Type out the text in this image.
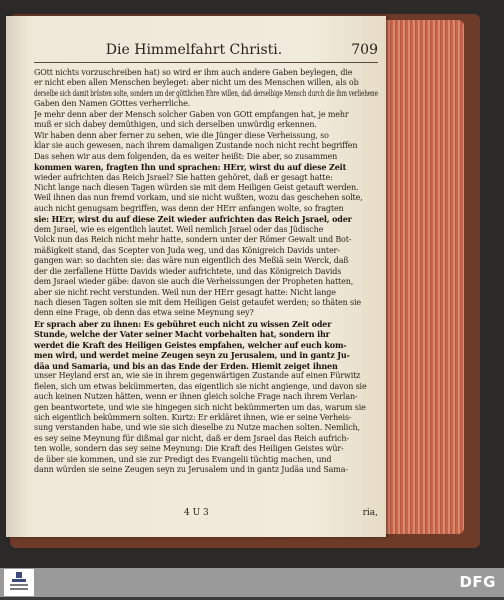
Die Himmelfahrt Christi.	709
GOtt nichts vorzuschreiben hat) so wird er ihm auch andere Gaben beylegen, die
er nicht eben allen Menschen beyleget: aber nicht um des Menschen willen, als ob
derselbe sich damit brüsten solte, sondern um der göttlichen Ehre willen, daß derselbige Mensch durch die ihm verliehene
Gaben den Namen GOttes verherrliche.
Je mehr denn aber der Mensch solcher Gaben von GOtt empfangen hat, je mehr
muß er sich dabey demüthigen, und sich derselben unwürdig erkennen.
Wir haben denn aber ferner zu sehen, wie die Jünger diese Verheissung, so
klar sie auch gewesen, nach ihrem damaligen Zustande noch nicht recht begriffen
Das sehen wir aus dem folgenden, da es weiter heißt: Die aber, so zusammen
kommen waren, fragten Ihn und sprachen: HErr, wirst du auf diese Zeit
wieder aufrichten das Reich Jsrael? Sie hatten gehöret, daß er gesagt hatte:
Nicht lange nach diesen Tagen würden sie mit dem Heiligen Geist getauft werden.
Weil ihnen das nun fremd vorkam, und sie nicht wußten, wozu das geschehen solte,
auch nicht genugsam begriffen, was denn der HErr anfangen wolte, so fragten
sie: HErr, wirst du auf diese Zeit wieder aufrichten das Reich Jsrael, oder
dem Jsrael, wie es eigentlich lautet. Weil nemlich Jsrael oder das Jüdische
Volck nun das Reich nicht mehr hatte, sondern unter der Römer Gewalt und Bot-
mäßigkeit stand, das Scepter von Juda weg, und das Königreich Davids unter-
gangen war: so dachten sie: das wäre nun eigentlich des Meßiä sein Werck, daß
der die zerfallene Hütte Davids wieder aufrichtete, und das Königreich Davids
dem Jsrael wieder gäbe: davon sie auch die Verheissungen der Propheten hatten,
aber sie nicht recht verstunden. Weil nun der HErr gesagt hatte: Nicht lange
nach diesen Tagen solten sie mit dem Heiligen Geist getaufet werden; so thäten sie
denn eine Frage, ob denn das etwa seine Meynung sey?
Er sprach aber zu ihnen: Es gebühret euch nicht zu wissen Zeit oder
Stunde, welche der Vater seiner Macht vorbehalten hat, sondern ihr
werdet die Kraft des Heiligen Geistes empfahen, welcher auf euch kom-
men wird, und werdet meine Zeugen seyn zu Jerusalem, und in gantz Ju-
däa und Samaria, und bis an das Ende der Erden. Hiemit zeiget ihnen
unser Heyland erst an, wie sie in ihrem gegenwärtigen Zustande auf einen Fürwitz
fielen, sich um etwas bekümmerten, das eigentlich sie nicht angienge, und davon sie
auch keinen Nutzen hätten, wenn er ihnen gleich solche Frage nach ihrem Verlan-
gen beantwortete, und wie sie hingegen sich nicht bekümmerten um das, warum sie
sich eigentlich bekümmern solten. Kurtz: Er erkläret ihnen, wie er seine Verheis-
sung verstanden habe, und wie sie sich dieselbe zu Nutze machen solten. Nemlich,
es sey seine Meynung für dißmal gar nicht, daß er dem Jsrael das Reich aufrich-
ten wolle, sondern das sey seine Meynung: Die Kraft des Heiligen Geistes wür-
de über sie kommen, und sie zur Predigt des Evangelii tüchtig machen, und
dann würden sie seine Zeugen seyn zu Jerusalem und in gantz Judäa und Sama-
4 U 3	ria,
DFG
